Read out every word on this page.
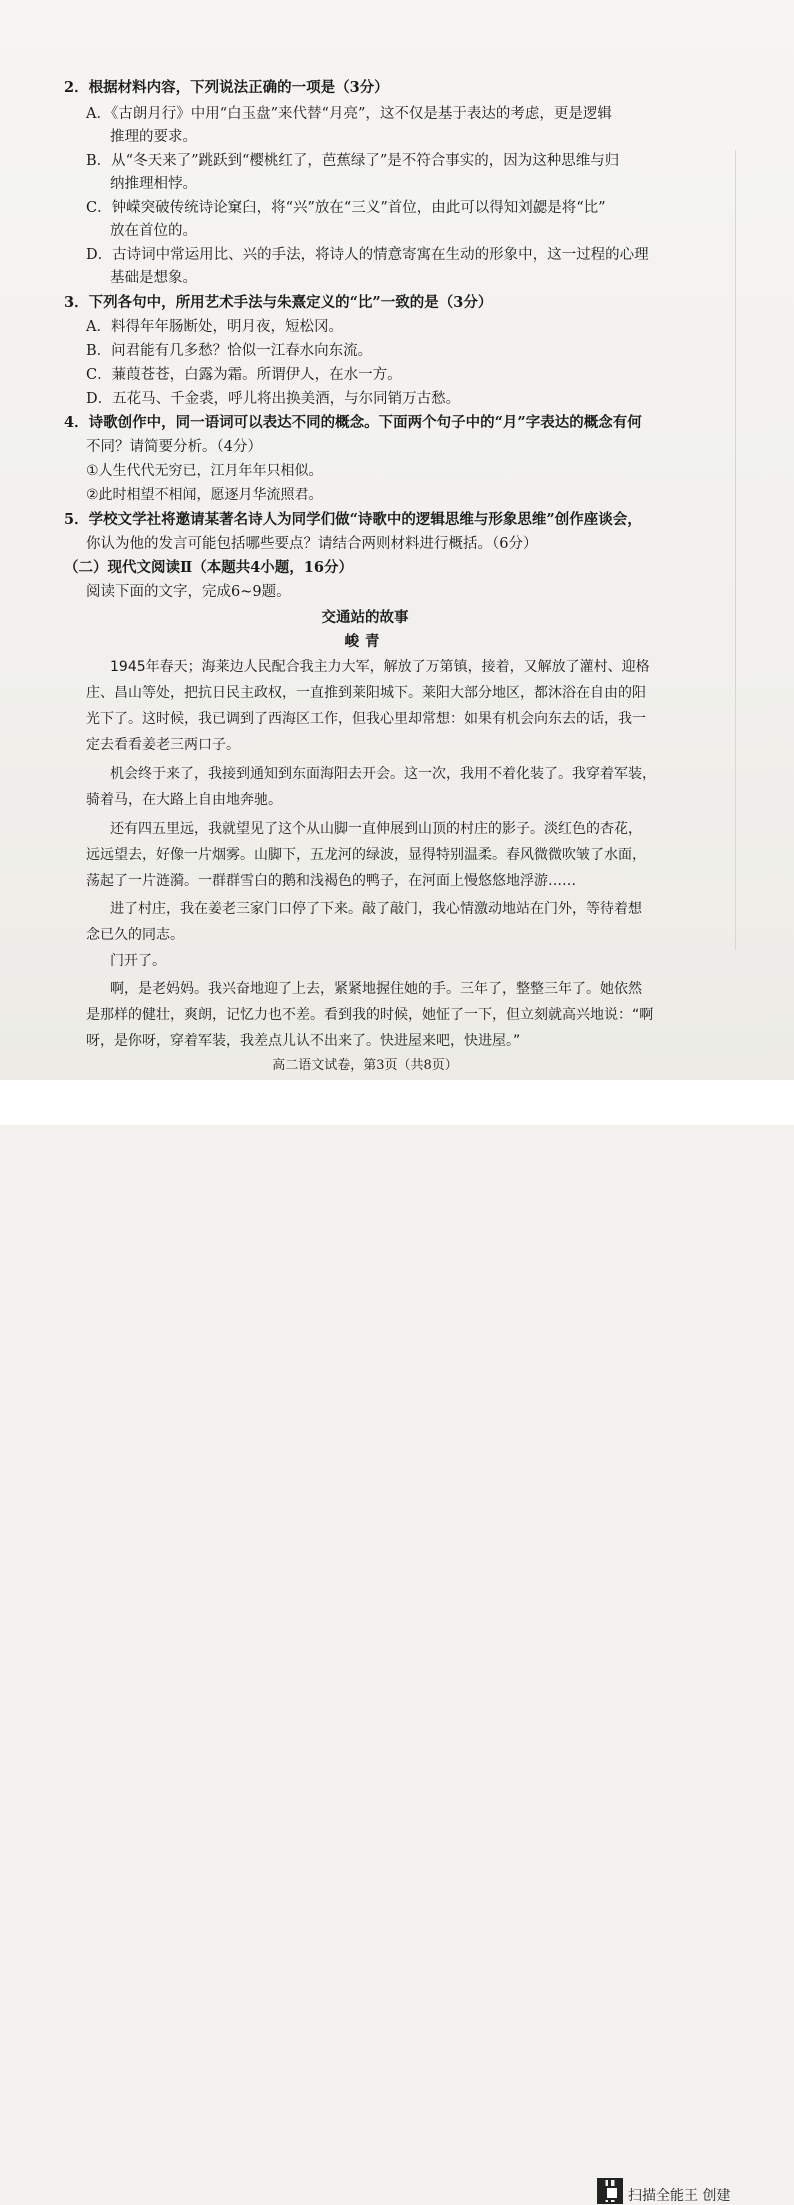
2．根据材料内容，下列说法正确的一项是（3分）
A．《古朗月行》中用“白玉盘”来代替“月亮”，这不仅是基于表达的考虑，更是逻辑
推理的要求。
B．从“冬天来了”跳跃到“樱桃红了，芭蕉绿了”是不符合事实的，因为这种思维与归
纳推理相悖。
C．钟嵘突破传统诗论窠臼，将“兴”放在“三义”首位，由此可以得知刘勰是将“比”
放在首位的。
D．古诗词中常运用比、兴的手法，将诗人的情意寄寓在生动的形象中，这一过程的心理
基础是想象。
3．下列各句中，所用艺术手法与朱熹定义的“比”一致的是（3分）
A．料得年年肠断处，明月夜，短松冈。
B．问君能有几多愁？恰似一江春水向东流。
C．蒹葭苍苍，白露为霜。所谓伊人，在水一方。
D．五花马、千金裘，呼儿将出换美酒，与尔同销万古愁。
4．诗歌创作中，同一语词可以表达不同的概念。下面两个句子中的“月”字表达的概念有何
不同？请简要分析。（4分）
①人生代代无穷已，江月年年只相似。
②此时相望不相闻，愿逐月华流照君。
5．学校文学社将邀请某著名诗人为同学们做“诗歌中的逻辑思维与形象思维”创作座谈会，
你认为他的发言可能包括哪些要点？请结合两则材料进行概括。（6分）
（二）现代文阅读Ⅱ（本题共4小题，16分）
阅读下面的文字，完成6~9题。
交通站的故事
峻青
1945年春天；海莱边人民配合我主力大军，解放了万第镇，接着，又解放了灌村、迎格
庄、昌山等处，把抗日民主政权，一直推到莱阳城下。莱阳大部分地区，都沐浴在自由的阳
光下了。这时候，我已调到了西海区工作，但我心里却常想：如果有机会向东去的话，我一
定去看看姜老三两口子。
机会终于来了，我接到通知到东面海阳去开会。这一次，我用不着化装了。我穿着军装，
骑着马，在大路上自由地奔驰。
还有四五里远，我就望见了这个从山脚一直伸展到山顶的村庄的影子。淡红色的杏花，
远远望去，好像一片烟雾。山脚下，五龙河的绿波，显得特别温柔。春风微微吹皱了水面，
荡起了一片涟漪。一群群雪白的鹅和浅褐色的鸭子，在河面上慢悠悠地浮游……
进了村庄，我在姜老三家门口停了下来。敲了敲门，我心情激动地站在门外，等待着想
念已久的同志。
门开了。
啊，是老妈妈。我兴奋地迎了上去，紧紧地握住她的手。三年了，整整三年了。她依然
是那样的健壮，爽朗，记忆力也不差。看到我的时候，她怔了一下，但立刻就高兴地说：“啊
呀，是你呀，穿着军装，我差点儿认不出来了。快进屋来吧，快进屋。”
高二语文试卷，第3页（共8页）
扫描全能王 创建
